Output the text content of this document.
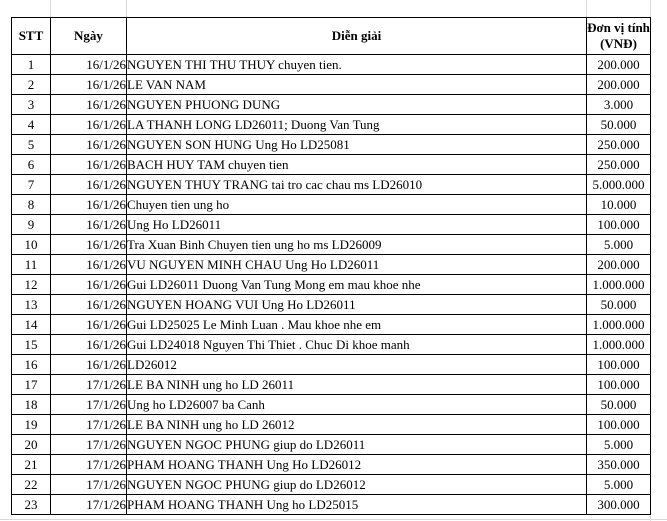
STT	Ngày	Diễn giải	Đơn vị tính
(VNĐ)

1	16/1/26	NGUYEN THI THU THUY chuyen tien.	200.000
2	16/1/26	LE VAN NAM	200.000
3	16/1/26	NGUYEN PHUONG DUNG	3.000
4	16/1/26	LA THANH LONG LD26011; Duong Van Tung	50.000
5	16/1/26	NGUYEN SON HUNG Ung Ho LD25081	250.000
6	16/1/26	BACH HUY TAM chuyen tien	250.000
7	16/1/26	NGUYEN THUY TRANG tai tro cac chau ms LD26010	5.000.000
8	16/1/26	Chuyen tien ung ho	10.000
9	16/1/26	Ung Ho LD26011	100.000
10	16/1/26	Tra Xuan Binh Chuyen tien ung ho ms LD26009	5.000
11	16/1/26	VU NGUYEN MINH CHAU Ung Ho LD26011	200.000
12	16/1/26	Gui LD26011 Duong Van Tung Mong em mau khoe nhe	1.000.000
13	16/1/26	NGUYEN HOANG VUI Ung Ho LD26011	50.000
14	16/1/26	Gui LD25025 Le Minh Luan . Mau khoe nhe em	1.000.000
15	16/1/26	Gui LD24018 Nguyen Thi Thiet . Chuc Di khoe manh	1.000.000
16	16/1/26	LD26012	100.000
17	17/1/26	LE BA NINH ung ho LD 26011	100.000
18	17/1/26	Ung ho LD26007 ba Canh	50.000
19	17/1/26	LE BA NINH ung ho LD 26012	100.000
20	17/1/26	NGUYEN NGOC PHUNG giup do LD26011	5.000
21	17/1/26	PHAM HOANG THANH Ung Ho LD26012	350.000
22	17/1/26	NGUYEN NGOC PHUNG giup do LD26012	5.000
23	17/1/26	PHAM HOANG THANH Ung ho LD25015	300.000
